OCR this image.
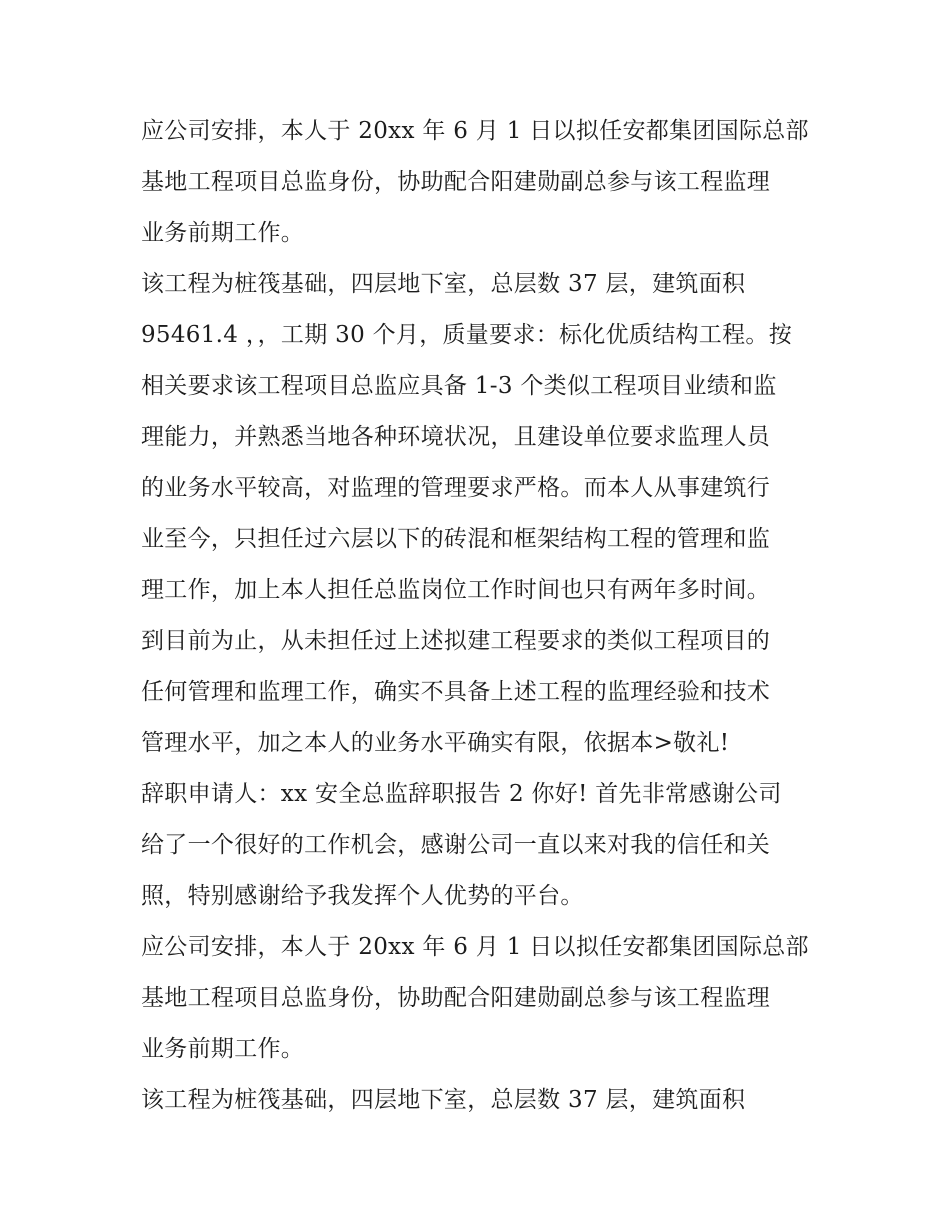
应公司安排，本人于 20xx 年 6 月 1 日以拟任安都集团国际总部
基地工程项目总监身份，协助配合阳建勋副总参与该工程监理
业务前期工作。
该工程为桩筏基础，四层地下室，总层数 37 层，建筑面积
95461.4 ，，工期 30 个月，质量要求：标化优质结构工程。按
相关要求该工程项目总监应具备 1-3 个类似工程项目业绩和监
理能力，并熟悉当地各种环境状况，且建设单位要求监理人员
的业务水平较高，对监理的管理要求严格。而本人从事建筑行
业至今，只担任过六层以下的砖混和框架结构工程的管理和监
理工作，加上本人担任总监岗位工作时间也只有两年多时间。
到目前为止，从未担任过上述拟建工程要求的类似工程项目的
任何管理和监理工作，确实不具备上述工程的监理经验和技术
管理水平，加之本人的业务水平确实有限，依据本>敬礼!
辞职申请人：xx 安全总监辞职报告 2 你好! 首先非常感谢公司
给了一个很好的工作机会，感谢公司一直以来对我的信任和关
照，特别感谢给予我发挥个人优势的平台。
应公司安排，本人于 20xx 年 6 月 1 日以拟任安都集团国际总部
基地工程项目总监身份，协助配合阳建勋副总参与该工程监理
业务前期工作。
该工程为桩筏基础，四层地下室，总层数 37 层，建筑面积
